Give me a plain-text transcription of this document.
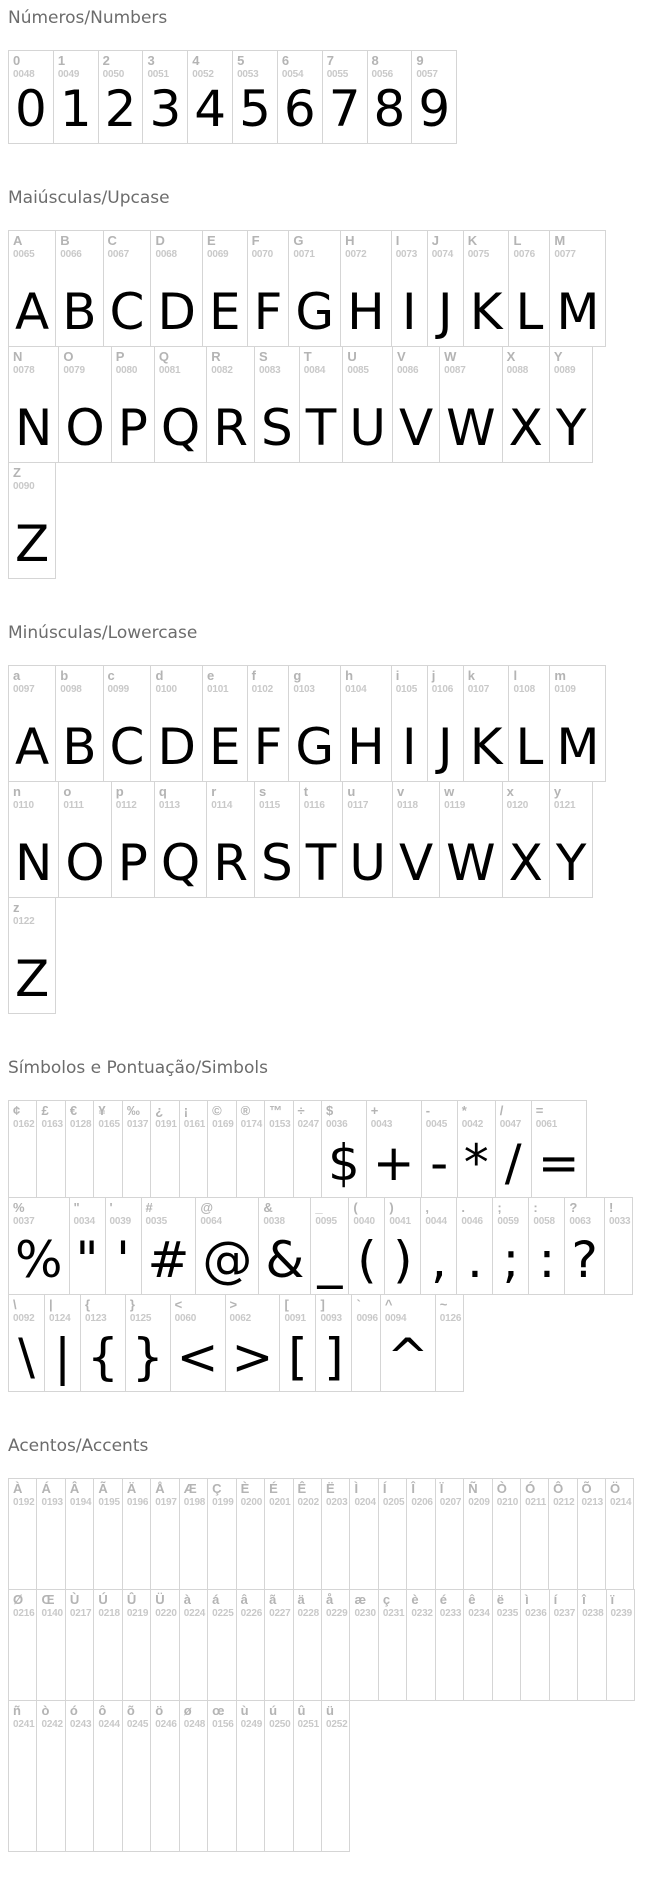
Números/Numbers
0
0048
0
1
0049
1
2
0050
2
3
0051
3
4
0052
4
5
0053
5
6
0054
6
7
0055
7
8
0056
8
9
0057
9
Maiúsculas/Upcase
A
0065
A
B
0066
B
C
0067
C
D
0068
D
E
0069
E
F
0070
F
G
0071
G
H
0072
H
I
0073
I
J
0074
J
K
0075
K
L
0076
L
M
0077
M
N
0078
N
O
0079
O
P
0080
P
Q
0081
Q
R
0082
R
S
0083
S
T
0084
T
U
0085
U
V
0086
V
W
0087
W
X
0088
X
Y
0089
Y
Z
0090
Z
Minúsculas/Lowercase
a
0097
A
b
0098
B
c
0099
C
d
0100
D
e
0101
E
f
0102
F
g
0103
G
h
0104
H
i
0105
I
j
0106
J
k
0107
K
l
0108
L
m
0109
M
n
0110
N
o
0111
O
p
0112
P
q
0113
Q
r
0114
R
s
0115
S
t
0116
T
u
0117
U
v
0118
V
w
0119
W
x
0120
X
y
0121
Y
z
0122
Z
Símbolos e Pontuação/Simbols
¢
0162
£
0163
€
0128
¥
0165
‰
0137
¿
0191
¡
0161
©
0169
®
0174
™
0153
÷
0247
$
0036
$
+
0043
+
-
0045
-
*
0042
*
/
0047
/
=
0061
=
%
0037
%
"
0034
"
'
0039
'
#
0035
#
@
0064
@
&
0038
&
_
0095
_
(
0040
(
)
0041
)
,
0044
,
.
0046
.
;
0059
;
:
0058
:
?
0063
?
!
0033
\
0092
\
|
0124
|
{
0123
{
}
0125
}
<
0060
<
>
0062
>
[
0091
[
]
0093
]
`
0096
^
0094
^
~
0126
Acentos/Accents
À
0192
Á
0193
Â
0194
Ã
0195
Ä
0196
Å
0197
Æ
0198
Ç
0199
È
0200
É
0201
Ê
0202
Ë
0203
Ì
0204
Í
0205
Î
0206
Ï
0207
Ñ
0209
Ò
0210
Ó
0211
Ô
0212
Õ
0213
Ö
0214
Ø
0216
Œ
0140
Ù
0217
Ú
0218
Û
0219
Ü
0220
à
0224
á
0225
â
0226
ã
0227
ä
0228
å
0229
æ
0230
ç
0231
è
0232
é
0233
ê
0234
ë
0235
ì
0236
í
0237
î
0238
ï
0239
ñ
0241
ò
0242
ó
0243
ô
0244
õ
0245
ö
0246
ø
0248
œ
0156
ù
0249
ú
0250
û
0251
ü
0252
